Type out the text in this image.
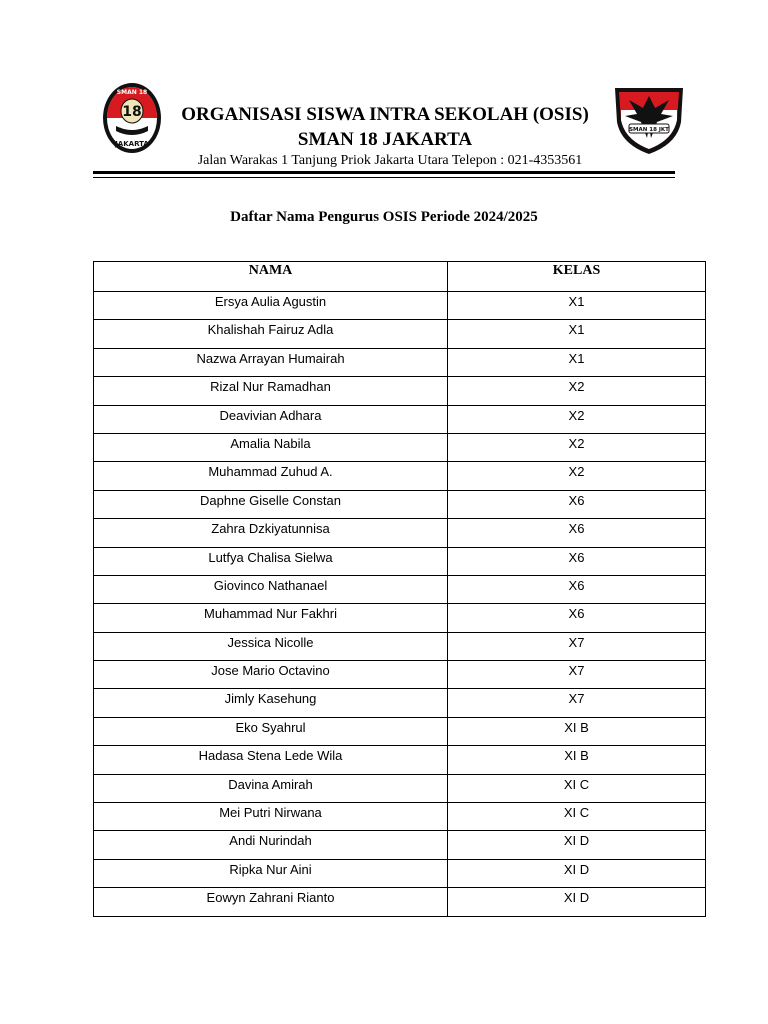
18
SMAN 18
JAKARTA
SMAN 18 JKT
ORGANISASI SISWA INTRA SEKOLAH (OSIS)
SMAN 18 JAKARTA
Jalan Warakas 1 Tanjung Priok Jakarta Utara Telepon : 021-4353561
Daftar Nama Pengurus OSIS Periode 2024/2025
NAMA	KELAS
Ersya Aulia Agustin	X1
Khalishah Fairuz Adla	X1
Nazwa Arrayan Humairah	X1
Rizal Nur Ramadhan	X2
Deavivian Adhara	X2
Amalia Nabila	X2
Muhammad Zuhud A.	X2
Daphne Giselle Constan	X6
Zahra Dzkiyatunnisa	X6
Lutfya Chalisa Sielwa	X6
Giovinco Nathanael	X6
Muhammad Nur Fakhri	X6
Jessica Nicolle	X7
Jose Mario Octavino	X7
Jimly Kasehung	X7
Eko Syahrul	XI B
Hadasa Stena Lede Wila	XI B
Davina Amirah	XI C
Mei Putri Nirwana	XI C
Andi Nurindah	XI D
Ripka Nur Aini	XI D
Eowyn Zahrani Rianto	XI D
